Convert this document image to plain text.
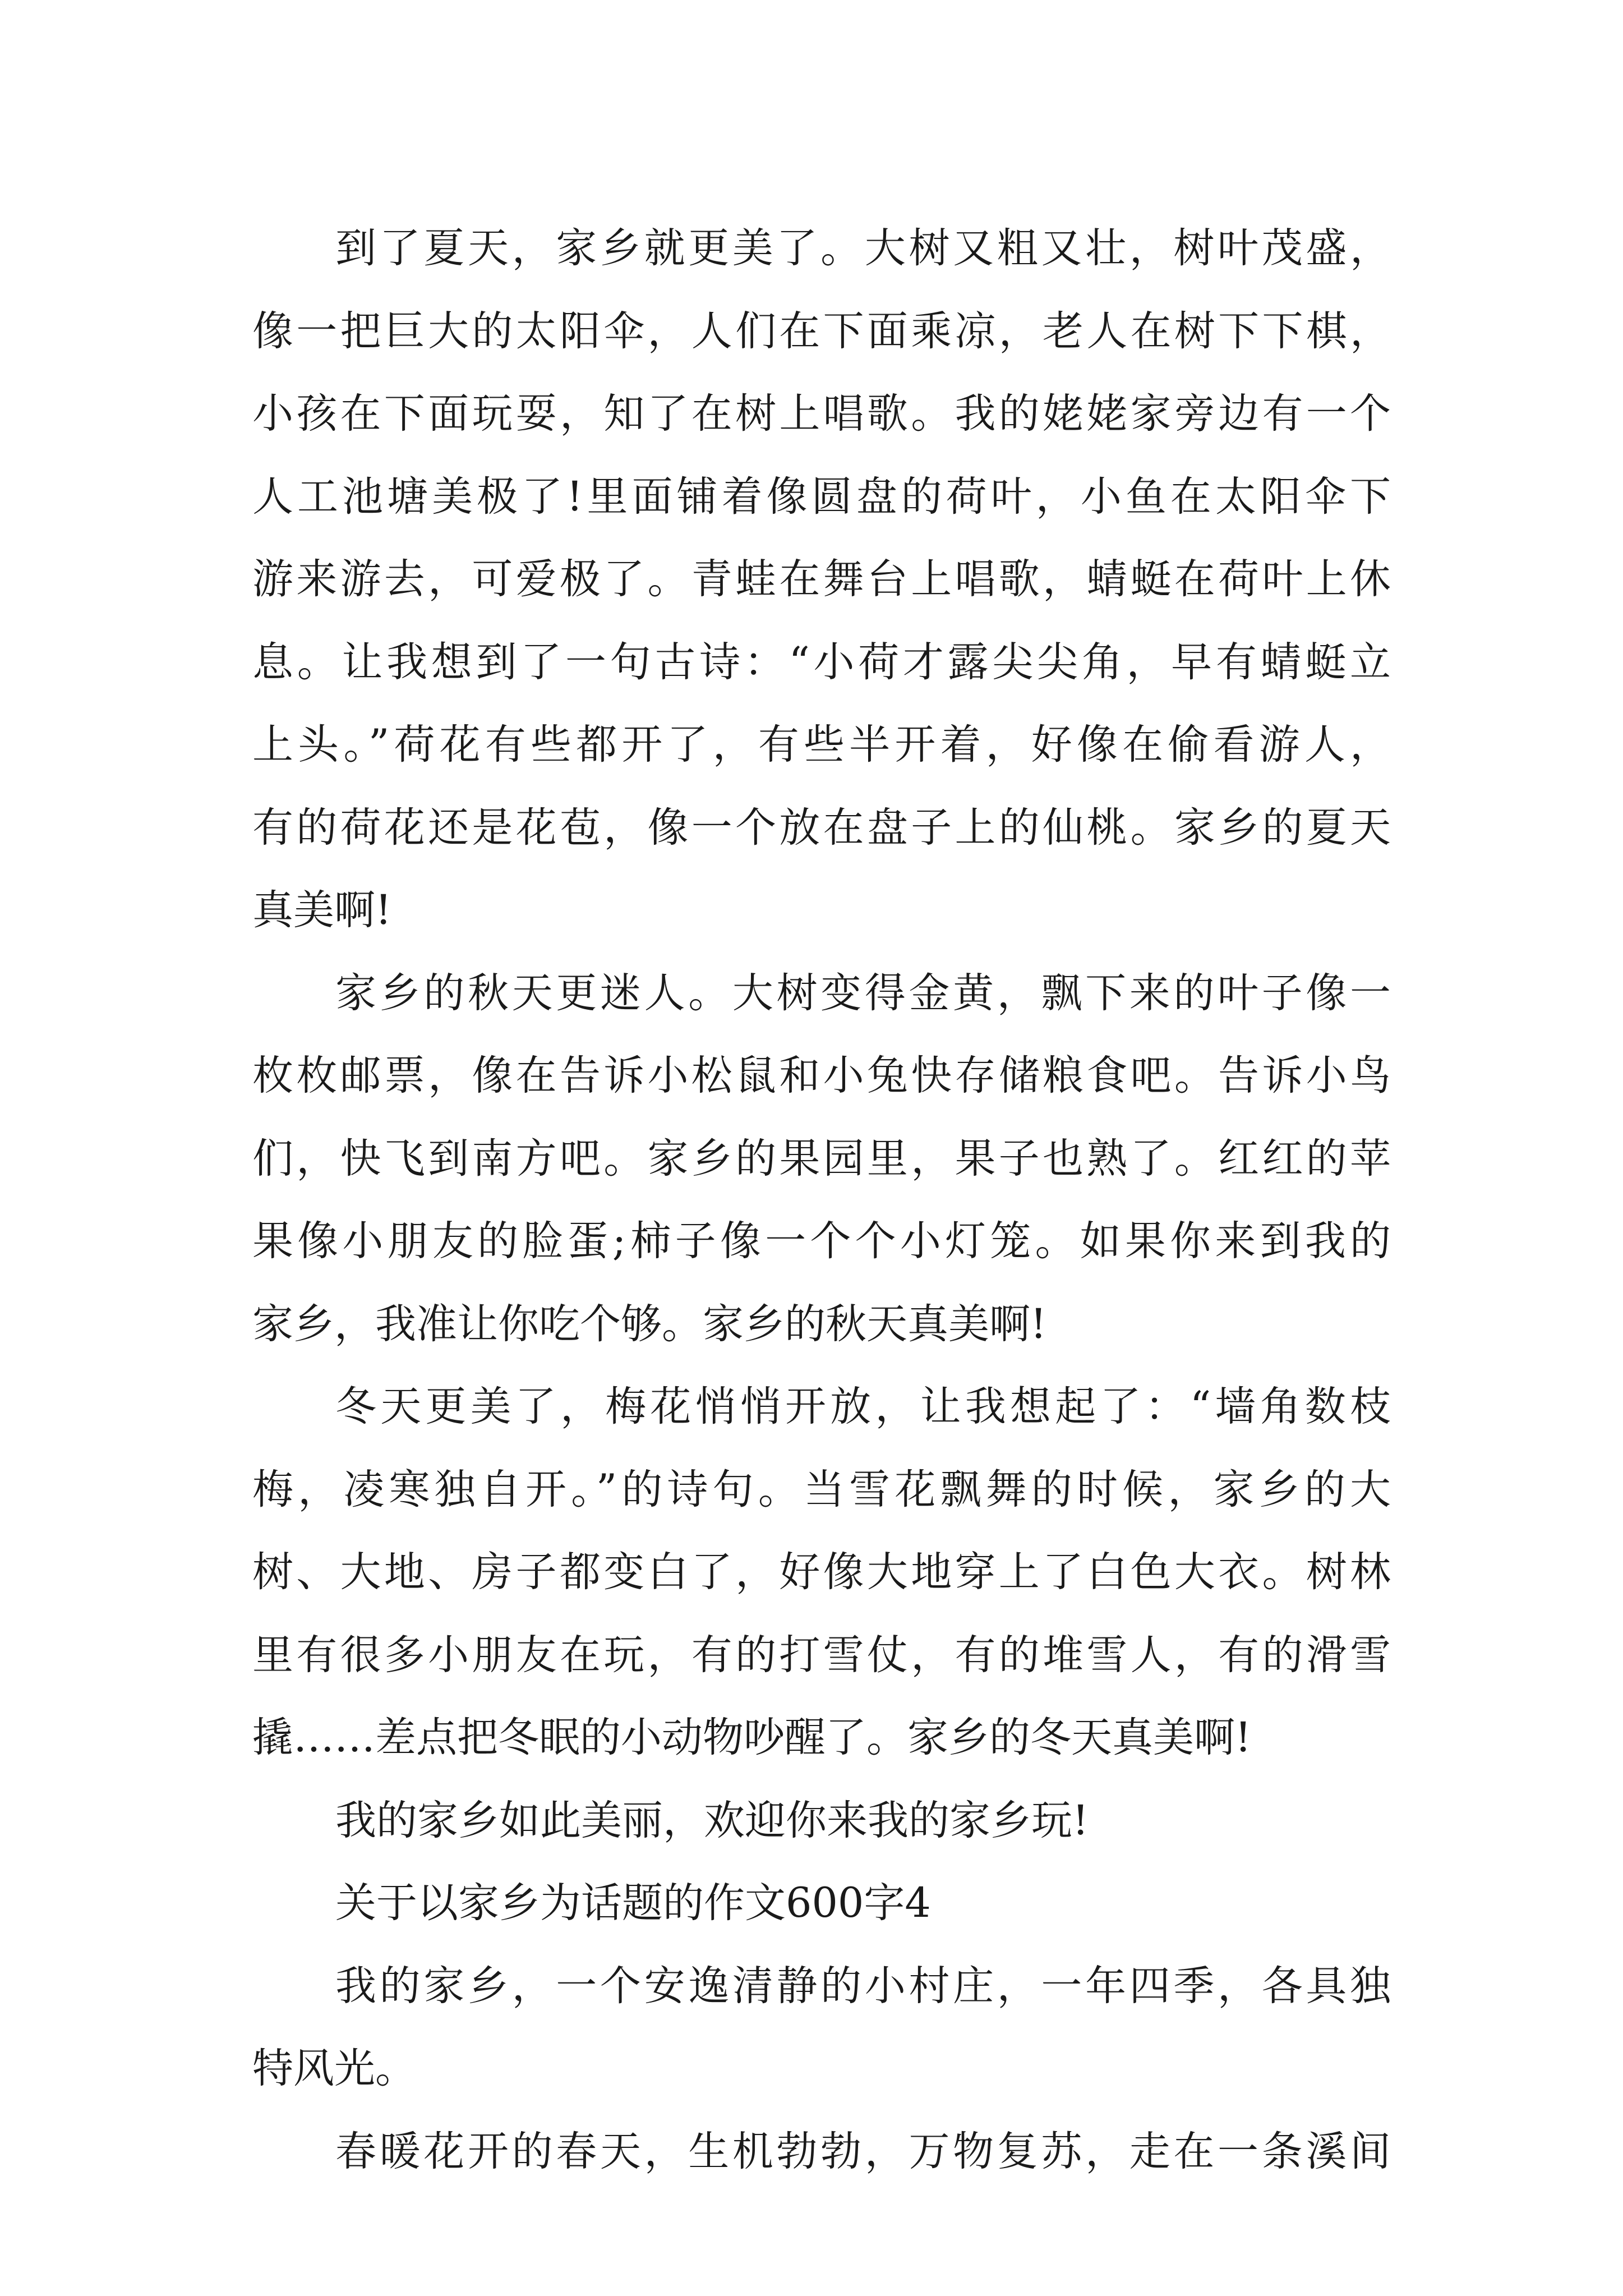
到了夏天，家乡就更美了。大树又粗又壮，树叶茂盛，
像一把巨大的太阳伞，人们在下面乘凉，老人在树下下棋，
小孩在下面玩耍，知了在树上唱歌。我的姥姥家旁边有一个
人工池塘美极了!里面铺着像圆盘的荷叶，小鱼在太阳伞下
游来游去，可爱极了。青蛙在舞台上唱歌，蜻蜓在荷叶上休
息。让我想到了一句古诗：“小荷才露尖尖角，早有蜻蜓立
上头。”荷花有些都开了，有些半开着，好像在偷看游人，
有的荷花还是花苞，像一个放在盘子上的仙桃。家乡的夏天
真美啊!
家乡的秋天更迷人。大树变得金黄，飘下来的叶子像一
枚枚邮票，像在告诉小松鼠和小兔快存储粮食吧。告诉小鸟
们，快飞到南方吧。家乡的果园里，果子也熟了。红红的苹
果像小朋友的脸蛋;柿子像一个个小灯笼。如果你来到我的
家乡，我准让你吃个够。家乡的秋天真美啊!
冬天更美了，梅花悄悄开放，让我想起了：“墙角数枝
梅，凌寒独自开。”的诗句。当雪花飘舞的时候，家乡的大
树、大地、房子都变白了，好像大地穿上了白色大衣。树林
里有很多小朋友在玩，有的打雪仗，有的堆雪人，有的滑雪
撬……差点把冬眠的小动物吵醒了。家乡的冬天真美啊!
我的家乡如此美丽，欢迎你来我的家乡玩!
关于以家乡为话题的作文600字4
我的家乡，一个安逸清静的小村庄，一年四季，各具独
特风光。
春暖花开的春天，生机勃勃，万物复苏，走在一条溪间
